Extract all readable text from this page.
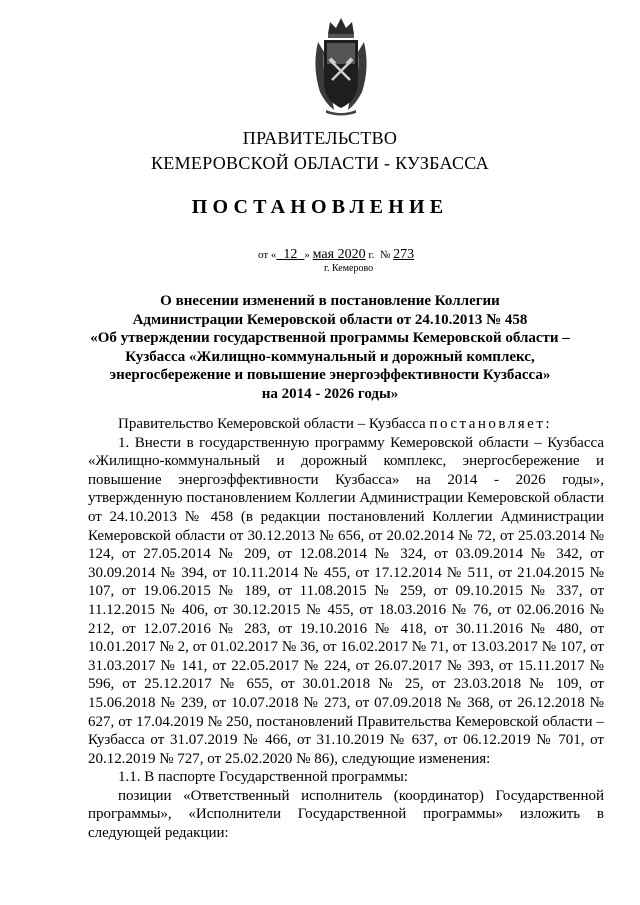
ПРАВИТЕЛЬСТВО
КЕМЕРОВСКОЙ ОБЛАСТИ - КУЗБАССА
ПОСТАНОВЛЕНИЕ
от « 12 » мая 2020 г. № 273
г. Кемерово
О внесении изменений в постановление Коллегии
Администрации Кемеровской области от 24.10.2013 № 458
«Об утверждении государственной программы Кемеровской области –
Кузбасса «Жилищно-коммунальный и дорожный комплекс,
энергосбережение и повышение энергоэффективности Кузбасса»
на 2014 - 2026 годы»

Правительство Кемеровской области – Кузбасса постановляет:

1. Внести в государственную программу Кемеровской области – Кузбасса «Жилищно-коммунальный и дорожный комплекс, энергосбережение и повышение энергоэффективности Кузбасса» на 2014 - 2026 годы», утвержденную постановлением Коллегии Администрации Кемеровской области от 24.10.2013 № 458 (в редакции постановлений Коллегии Администрации Кемеровской области от 30.12.2013 № 656, от 20.02.2014 № 72, от 25.03.2014 № 124, от 27.05.2014 № 209, от 12.08.2014 № 324, от 03.09.2014 № 342, от 30.09.2014 № 394, от 10.11.2014 № 455, от 17.12.2014 № 511, от 21.04.2015 № 107, от 19.06.2015 № 189, от 11.08.2015 № 259, от 09.10.2015 № 337, от 11.12.2015 № 406, от 30.12.2015 № 455, от 18.03.2016 № 76, от 02.06.2016 № 212, от 12.07.2016 № 283, от 19.10.2016 № 418, от 30.11.2016 № 480, от 10.01.2017 № 2, от 01.02.2017 № 36, от 16.02.2017 № 71, от 13.03.2017 № 107, от 31.03.2017 № 141, от 22.05.2017 № 224, от 26.07.2017 № 393, от 15.11.2017 № 596, от 25.12.2017 № 655, от 30.01.2018 № 25, от 23.03.2018 № 109, от 15.06.2018 № 239, от 10.07.2018 № 273, от 07.09.2018 № 368, от 26.12.2018 № 627, от 17.04.2019 № 250, постановлений Правительства Кемеровской области – Кузбасса от 31.07.2019 № 466, от 31.10.2019 № 637, от 06.12.2019 № 701, от 20.12.2019 № 727, от 25.02.2020 № 86), следующие изменения:

1.1. В паспорте Государственной программы:

позиции «Ответственный исполнитель (координатор) Государственной программы», «Исполнители Государственной программы» изложить в следующей редакции:
